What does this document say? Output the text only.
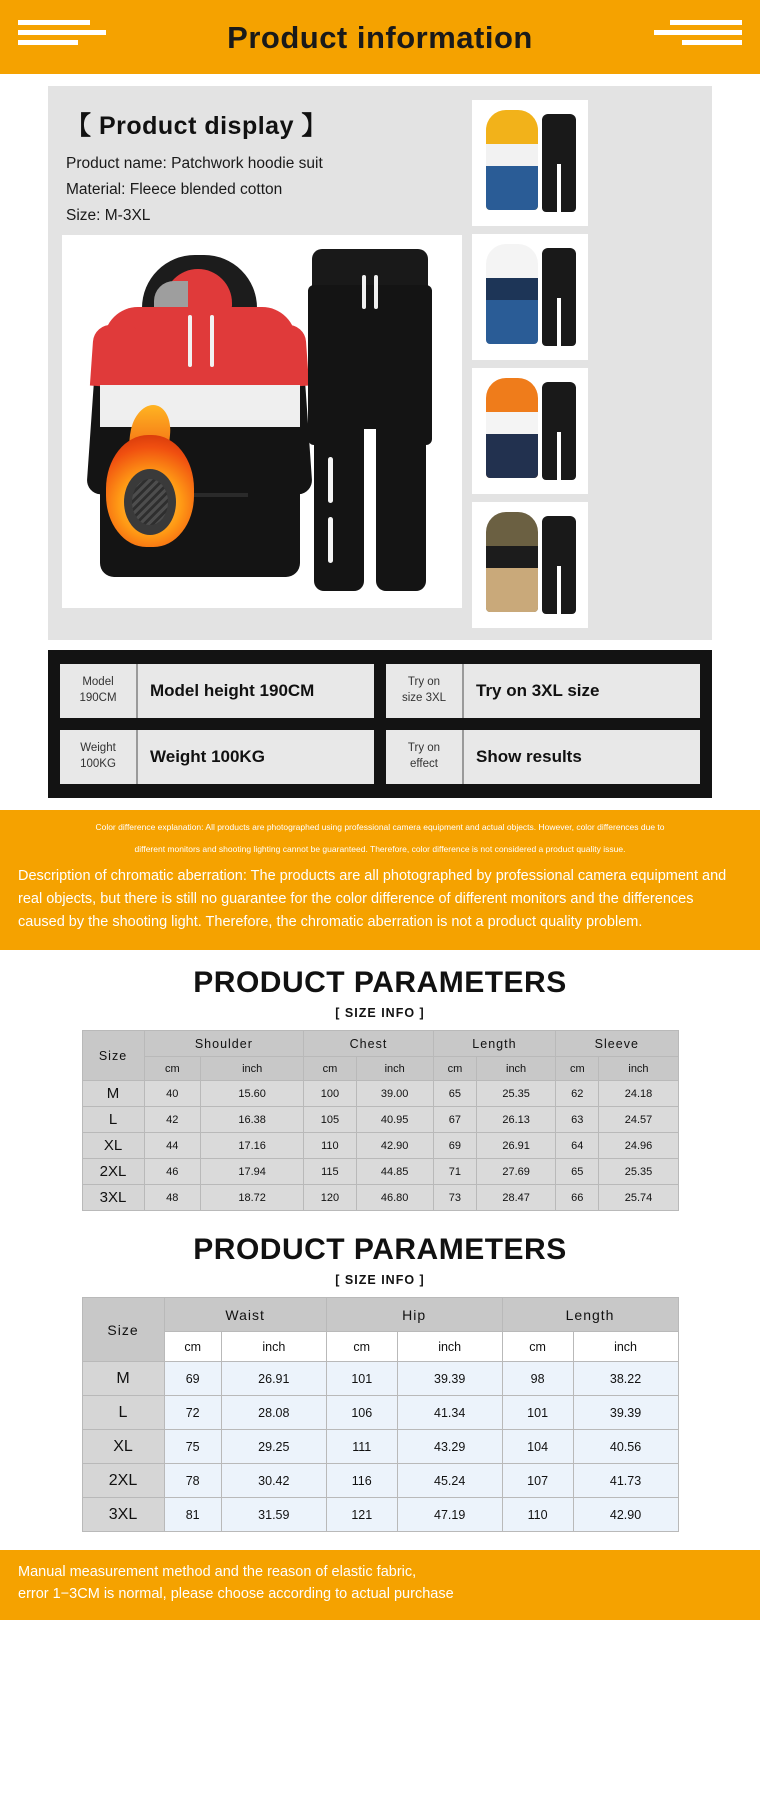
Product information
【 Product display 】
Product name: Patchwork hoodie suit
Material: Fleece blended cotton
Size: M-3XL
Model
190CM	Model height 190CM	Try on
size 3XL	Try on 3XL size
Weight
100KG	Weight 100KG	Try on
effect	Show results
Color difference explanation: All products are photographed using professional camera equipment and actual objects. However, color differences due to
different monitors and shooting lighting cannot be guaranteed. Therefore, color difference is not considered a product quality issue.
Description of chromatic aberration: The products are all photographed by professional camera equipment and real objects, but there is still no guarantee for the color difference of different monitors and the differences caused by the shooting light. Therefore, the chromatic aberration is not a product quality problem.
PRODUCT PARAMETERS
[ SIZE INFO ]
Size	Shoulder		Chest		Length		Sleeve	
	cm	inch	cm	inch	cm	inch	cm	inch
M	40	15.60	100	39.00	65	25.35	62	24.18
L	42	16.38	105	40.95	67	26.13	63	24.57
XL	44	17.16	110	42.90	69	26.91	64	24.96
2XL	46	17.94	115	44.85	71	27.69	65	25.35
3XL	48	18.72	120	46.80	73	28.47	66	25.74
PRODUCT PARAMETERS
[ SIZE INFO ]
Size	Waist		Hip		Length	
	cm	inch	cm	inch	cm	inch
M	69	26.91	101	39.39	98	38.22
L	72	28.08	106	41.34	101	39.39
XL	75	29.25	111	43.29	104	40.56
2XL	78	30.42	116	45.24	107	41.73
3XL	81	31.59	121	47.19	110	42.90
Manual measurement method and the reason of elastic fabric,
error 1−3CM is normal, please choose according to actual purchase
